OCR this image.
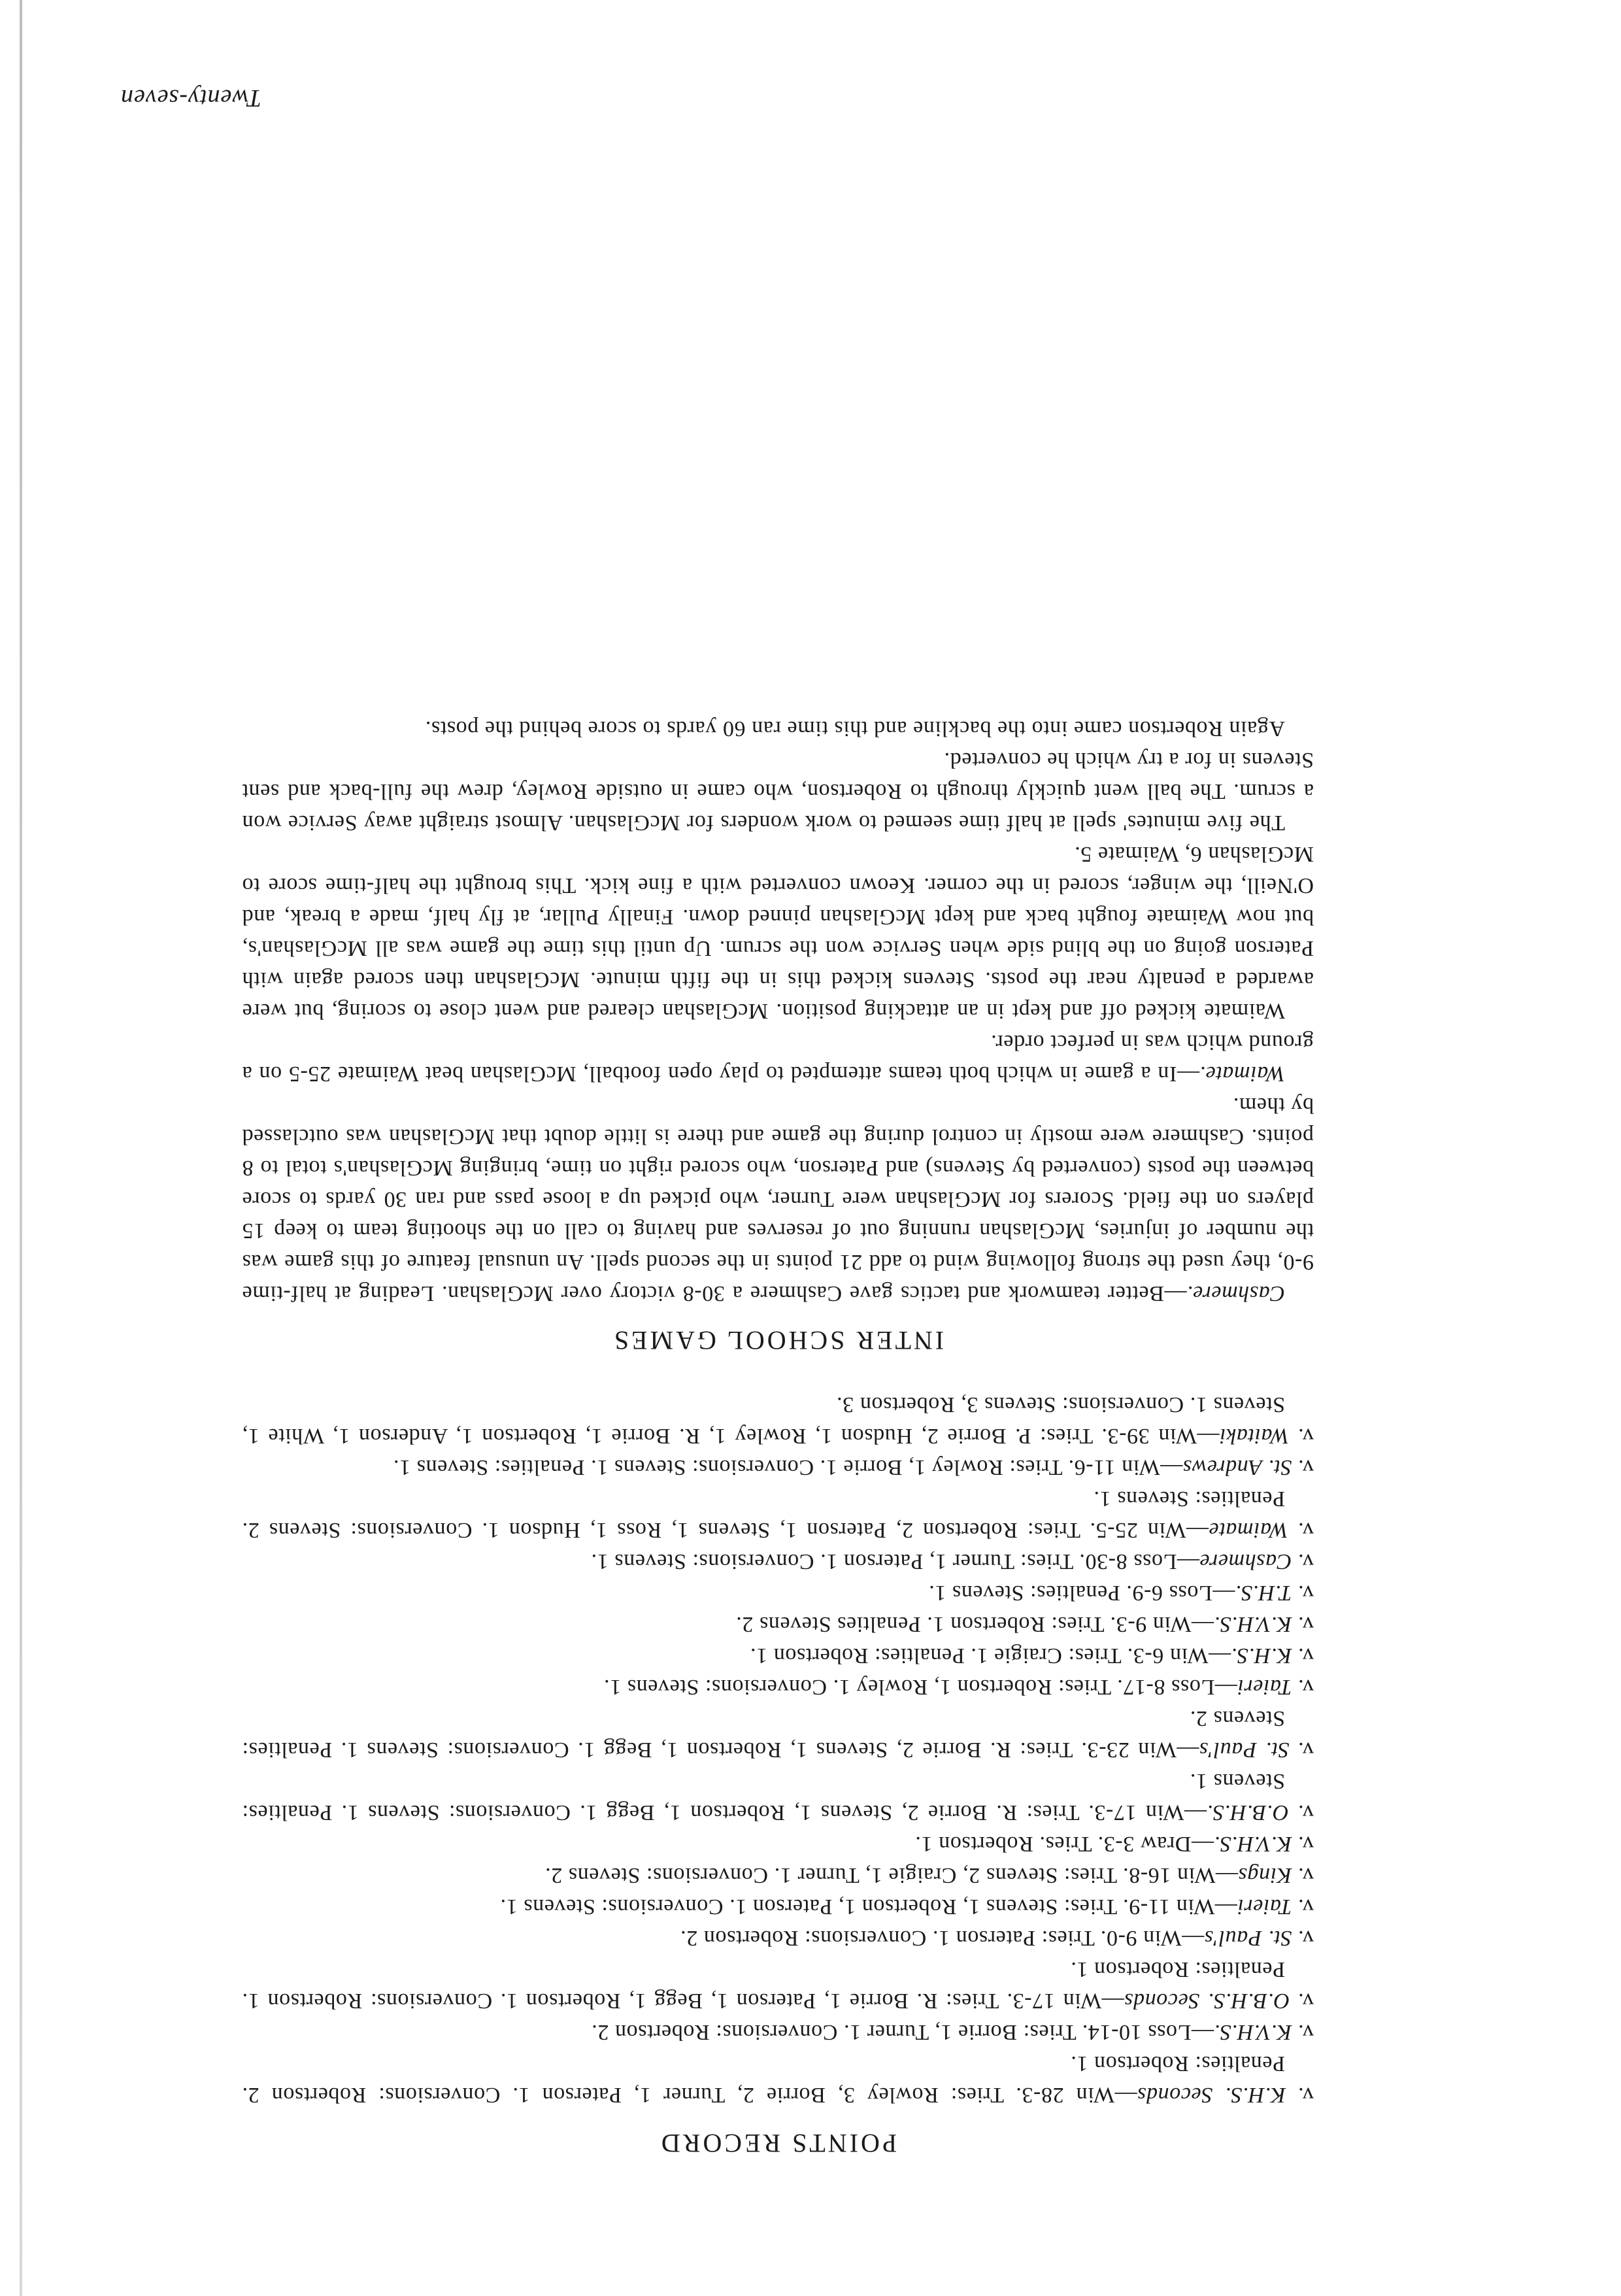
POINTS RECORD

v. K.H.S. Seconds—Win 28-3. Tries: Rowley 3, Borrie 2, Turner 1, Paterson 1. Conversions: Robertson 2. Penalties: Robertson 1.

v. K.V.H.S.—Loss 10-14. Tries: Borrie 1, Turner 1. Conversions: Robertson 2.

v. O.B.H.S. Seconds—Win 17-3. Tries: R. Borrie 1, Paterson 1, Begg 1, Robertson 1. Conversions: Robertson 1. Penalties: Robertson 1.

v. St. Paul's—Win 9-0. Tries: Paterson 1. Conversions: Robertson 2.

v. Taieri—Win 11-9. Tries: Stevens 1, Robertson 1, Paterson 1. Conversions: Stevens 1.

v. Kings—Win 16-8. Tries: Stevens 2, Craigie 1, Turner 1. Conversions: Stevens 2.

v. K.V.H.S.—Draw 3-3. Tries. Robertson 1.

v. O.B.H.S.—Win 17-3. Tries: R. Borrie 2, Stevens 1, Robertson 1, Begg 1. Conversions: Stevens 1. Penalties: Stevens 1.

v. St. Paul's—Win 23-3. Tries: R. Borrie 2, Stevens 1, Robertson 1, Begg 1. Conversions: Stevens 1. Penalties: Stevens 2.

v. Taieri—Loss 8-17. Tries: Robertson 1, Rowley 1. Conversions: Stevens 1.

v. K.H.S.—Win 6-3. Tries: Craigie 1. Penalties: Robertson 1.

v. K.V.H.S.—Win 9-3. Tries: Robertson 1. Penalties Stevens 2.

v. T.H.S.—Loss 6-9. Penalties: Stevens 1.

v. Cashmere—Loss 8-30. Tries: Turner 1, Paterson 1. Conversions: Stevens 1.

v. Waimate—Win 25-5. Tries: Robertson 2, Paterson 1, Stevens 1, Ross 1, Hudson 1. Conversions: Stevens 2. Penalties: Stevens 1.

v. St. Andrews—Win 11-6. Tries: Rowley 1, Borrie 1. Conversions: Stevens 1. Penalties: Stevens 1.

v. Waitaki—Win 39-3. Tries: P. Borrie 2, Hudson 1, Rowley 1, R. Borrie 1, Robertson 1, Anderson 1, White 1, Stevens 1. Conversions: Stevens 3, Robertson 3.

INTER SCHOOL GAMES

Cashmere.—Better teamwork and tactics gave Cashmere a 30-8 victory over McGlashan. Leading at half-time 9-0, they used the strong following wind to add 21 points in the second spell. An unusual feature of this game was the number of injuries, McGlashan running out of reserves and having to call on the shooting team to keep 15 players on the field. Scorers for McGlashan were Turner, who picked up a loose pass and ran 30 yards to score between the posts (converted by Stevens) and Paterson, who scored right on time, bringing McGlashan's total to 8 points. Cashmere were mostly in control during the game and there is little doubt that McGlashan was outclassed by them.

Waimate.—In a game in which both teams attempted to play open football, McGlashan beat Waimate 25-5 on a ground which was in perfect order.

Waimate kicked off and kept in an attacking position. McGlashan cleared and went close to scoring, but were awarded a penalty near the posts. Stevens kicked this in the fifth minute. McGlashan then scored again with Paterson going on the blind side when Service won the scrum. Up until this time the game was all McGlashan's, but now Waimate fought back and kept McGlashan pinned down. Finally Pullar, at fly half, made a break, and O'Neill, the winger, scored in the corner. Keown converted with a fine kick. This brought the half-time score to McGlashan 6, Waimate 5.

The five minutes' spell at half time seemed to work wonders for McGlashan. Almost straight away Service won a scrum. The ball went quickly through to Robertson, who came in outside Rowley, drew the full-back and sent Stevens in for a try which he converted.

Again Robertson came into the backline and this time ran 60 yards to score behind the posts.

Twenty-seven
